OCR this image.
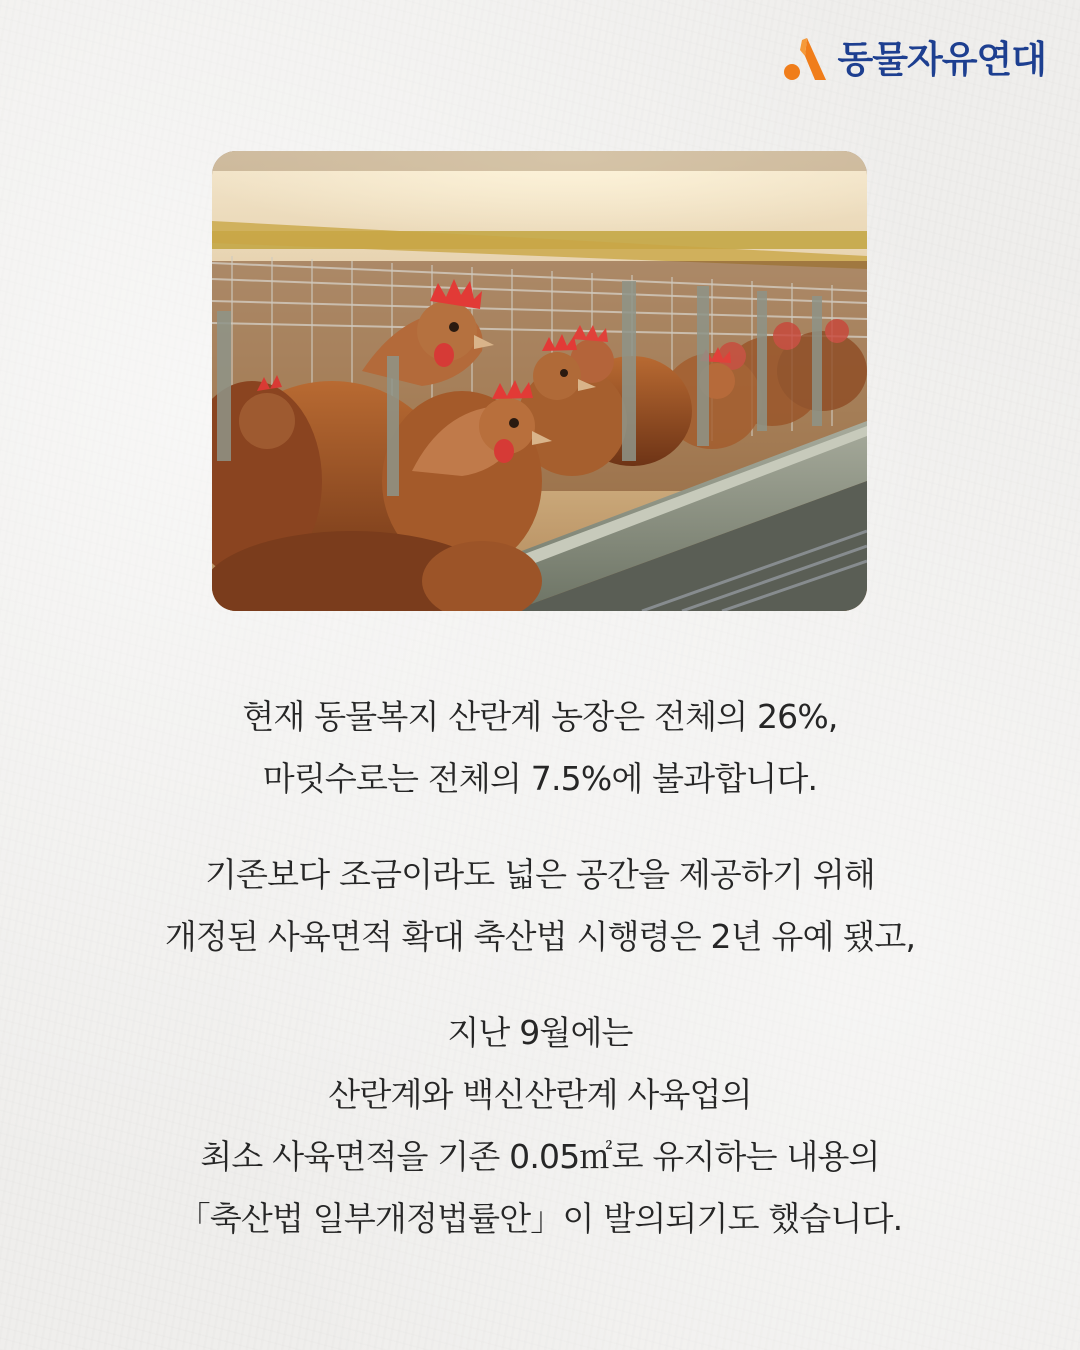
동물자유연대
현재 동물복지 산란계 농장은 전체의 26%,
마릿수로는 전체의 7.5%에 불과합니다.
기존보다 조금이라도 넓은 공간을 제공하기 위해
개정된 사육면적 확대 축산법 시행령은 2년 유예 됐고,
지난 9월에는
산란계와 백신산란계 사육업의
최소 사육면적을 기존 0.05㎡로 유지하는 내용의
「축산법 일부개정법률안」이 발의되기도 했습니다.
